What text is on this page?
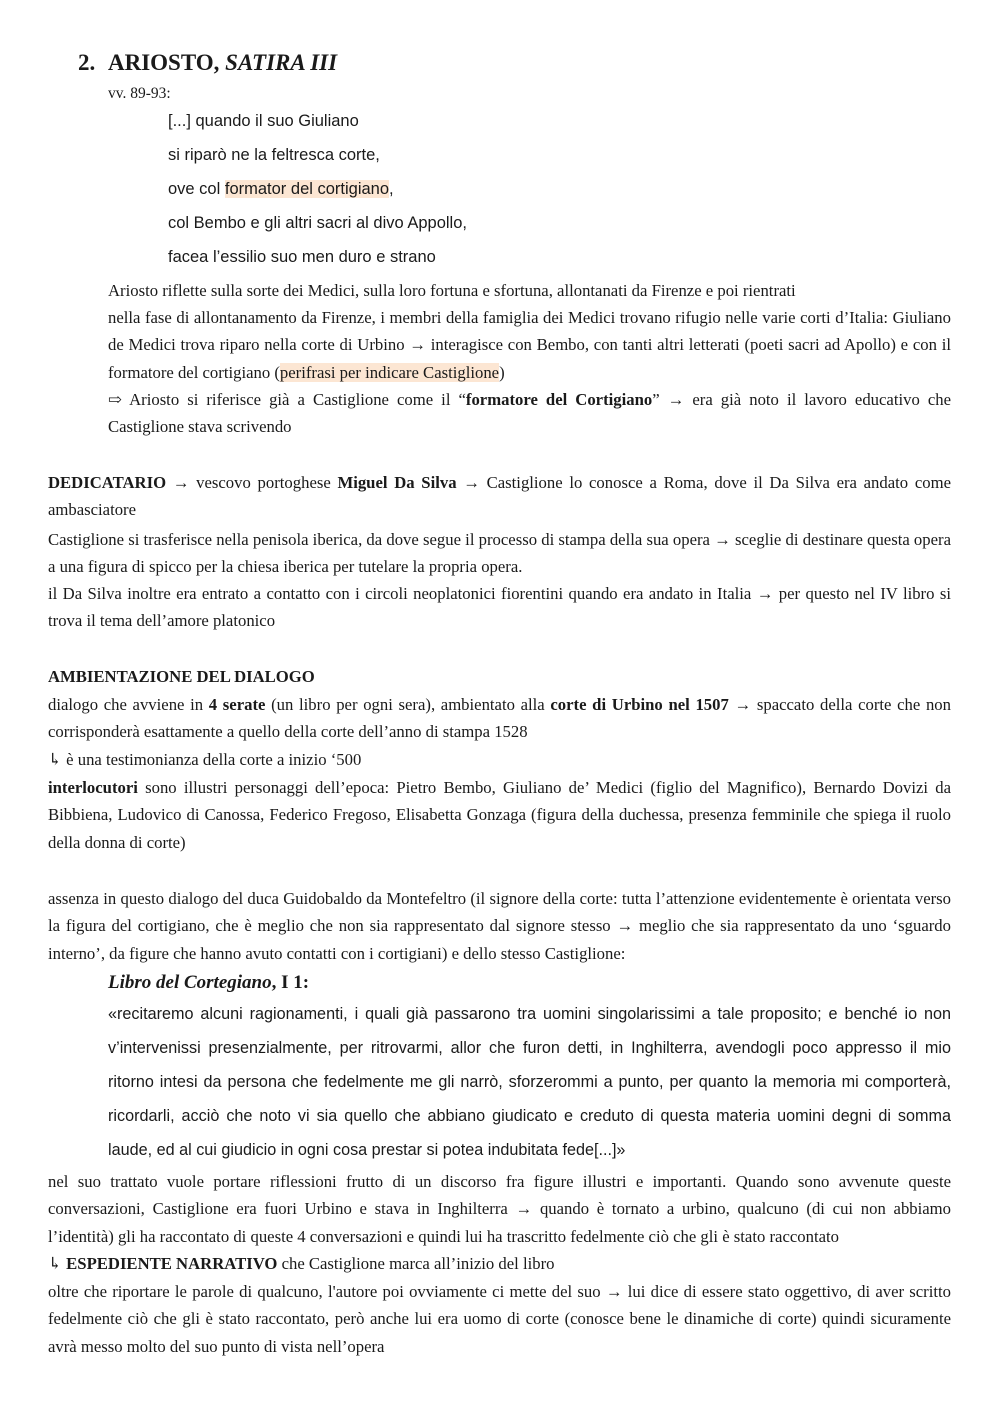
2. ARIOSTO, SATIRA III
vv. 89-93:
[...] quando il suo Giuliano
si riparò ne la feltresca corte,
ove col formator del cortigiano,
col Bembo e gli altri sacri al divo Appollo,
facea l’essilio suo men duro e strano
Ariosto riflette sulla sorte dei Medici, sulla loro fortuna e sfortuna, allontanati da Firenze e poi rientrati
nella fase di allontanamento da Firenze, i membri della famiglia dei Medici trovano rifugio nelle varie corti d’Italia: Giuliano de Medici trova riparo nella corte di Urbino → interagisce con Bembo, con tanti altri letterati (poeti sacri ad Apollo) e con il formatore del cortigiano (perifrasi per indicare Castiglione)
⇨ Ariosto si riferisce già a Castiglione come il “formatore del Cortigiano” → era già noto il lavoro educativo che Castiglione stava scrivendo
DEDICATARIO → vescovo portoghese Miguel Da Silva → Castiglione lo conosce a Roma, dove il Da Silva era andato come ambasciatore
Castiglione si trasferisce nella penisola iberica, da dove segue il processo di stampa della sua opera → sceglie di destinare questa opera a una figura di spicco per la chiesa iberica per tutelare la propria opera.
il Da Silva inoltre era entrato a contatto con i circoli neoplatonici fiorentini quando era andato in Italia → per questo nel IV libro si trova il tema dell’amore platonico
AMBIENTAZIONE DEL DIALOGO
dialogo che avviene in 4 serate (un libro per ogni sera), ambientato alla corte di Urbino nel 1507 → spaccato della corte che non corrisponderà esattamente a quello della corte dell’anno di stampa 1528
↳ è una testimonianza della corte a inizio ‘500
interlocutori sono illustri personaggi dell’epoca: Pietro Bembo, Giuliano de’ Medici (figlio del Magnifico), Bernardo Dovizi da Bibbiena, Ludovico di Canossa, Federico Fregoso, Elisabetta Gonzaga (figura della duchessa, presenza femminile che spiega il ruolo della donna di corte)
assenza in questo dialogo del duca Guidobaldo da Montefeltro (il signore della corte: tutta l’attenzione evidentemente è orientata verso la figura del cortigiano, che è meglio che non sia rappresentato dal signore stesso → meglio che sia rappresentato da uno ‘sguardo interno’, da figure che hanno avuto contatti con i cortigiani) e dello stesso Castiglione:
Libro del Cortegiano, I 1:
«recitaremo alcuni ragionamenti, i quali già passarono tra uomini singolarissimi a tale proposito; e benché io non v’intervenissi presenzialmente, per ritrovarmi, allor che furon detti, in Inghilterra, avendogli poco appresso il mio ritorno intesi da persona che fedelmente me gli narrò, sforzerommi a punto, per quanto la memoria mi comporterà, ricordarli, acciò che noto vi sia quello che abbiano giudicato e creduto di questa materia uomini degni di somma laude, ed al cui giudicio in ogni cosa prestar si potea indubitata fede[...]»
nel suo trattato vuole portare riflessioni frutto di un discorso fra figure illustri e importanti. Quando sono avvenute queste conversazioni, Castiglione era fuori Urbino e stava in Inghilterra → quando è tornato a urbino, qualcuno (di cui non abbiamo l’identità) gli ha raccontato di queste 4 conversazioni e quindi lui ha trascritto fedelmente ciò che gli è stato raccontato
↳ ESPEDIENTE NARRATIVO che Castiglione marca all’inizio del libro
oltre che riportare le parole di qualcuno, l'autore poi ovviamente ci mette del suo → lui dice di essere stato oggettivo, di aver scritto fedelmente ciò che gli è stato raccontato, però anche lui era uomo di corte (conosce bene le dinamiche di corte) quindi sicuramente avrà messo molto del suo punto di vista nell’opera
